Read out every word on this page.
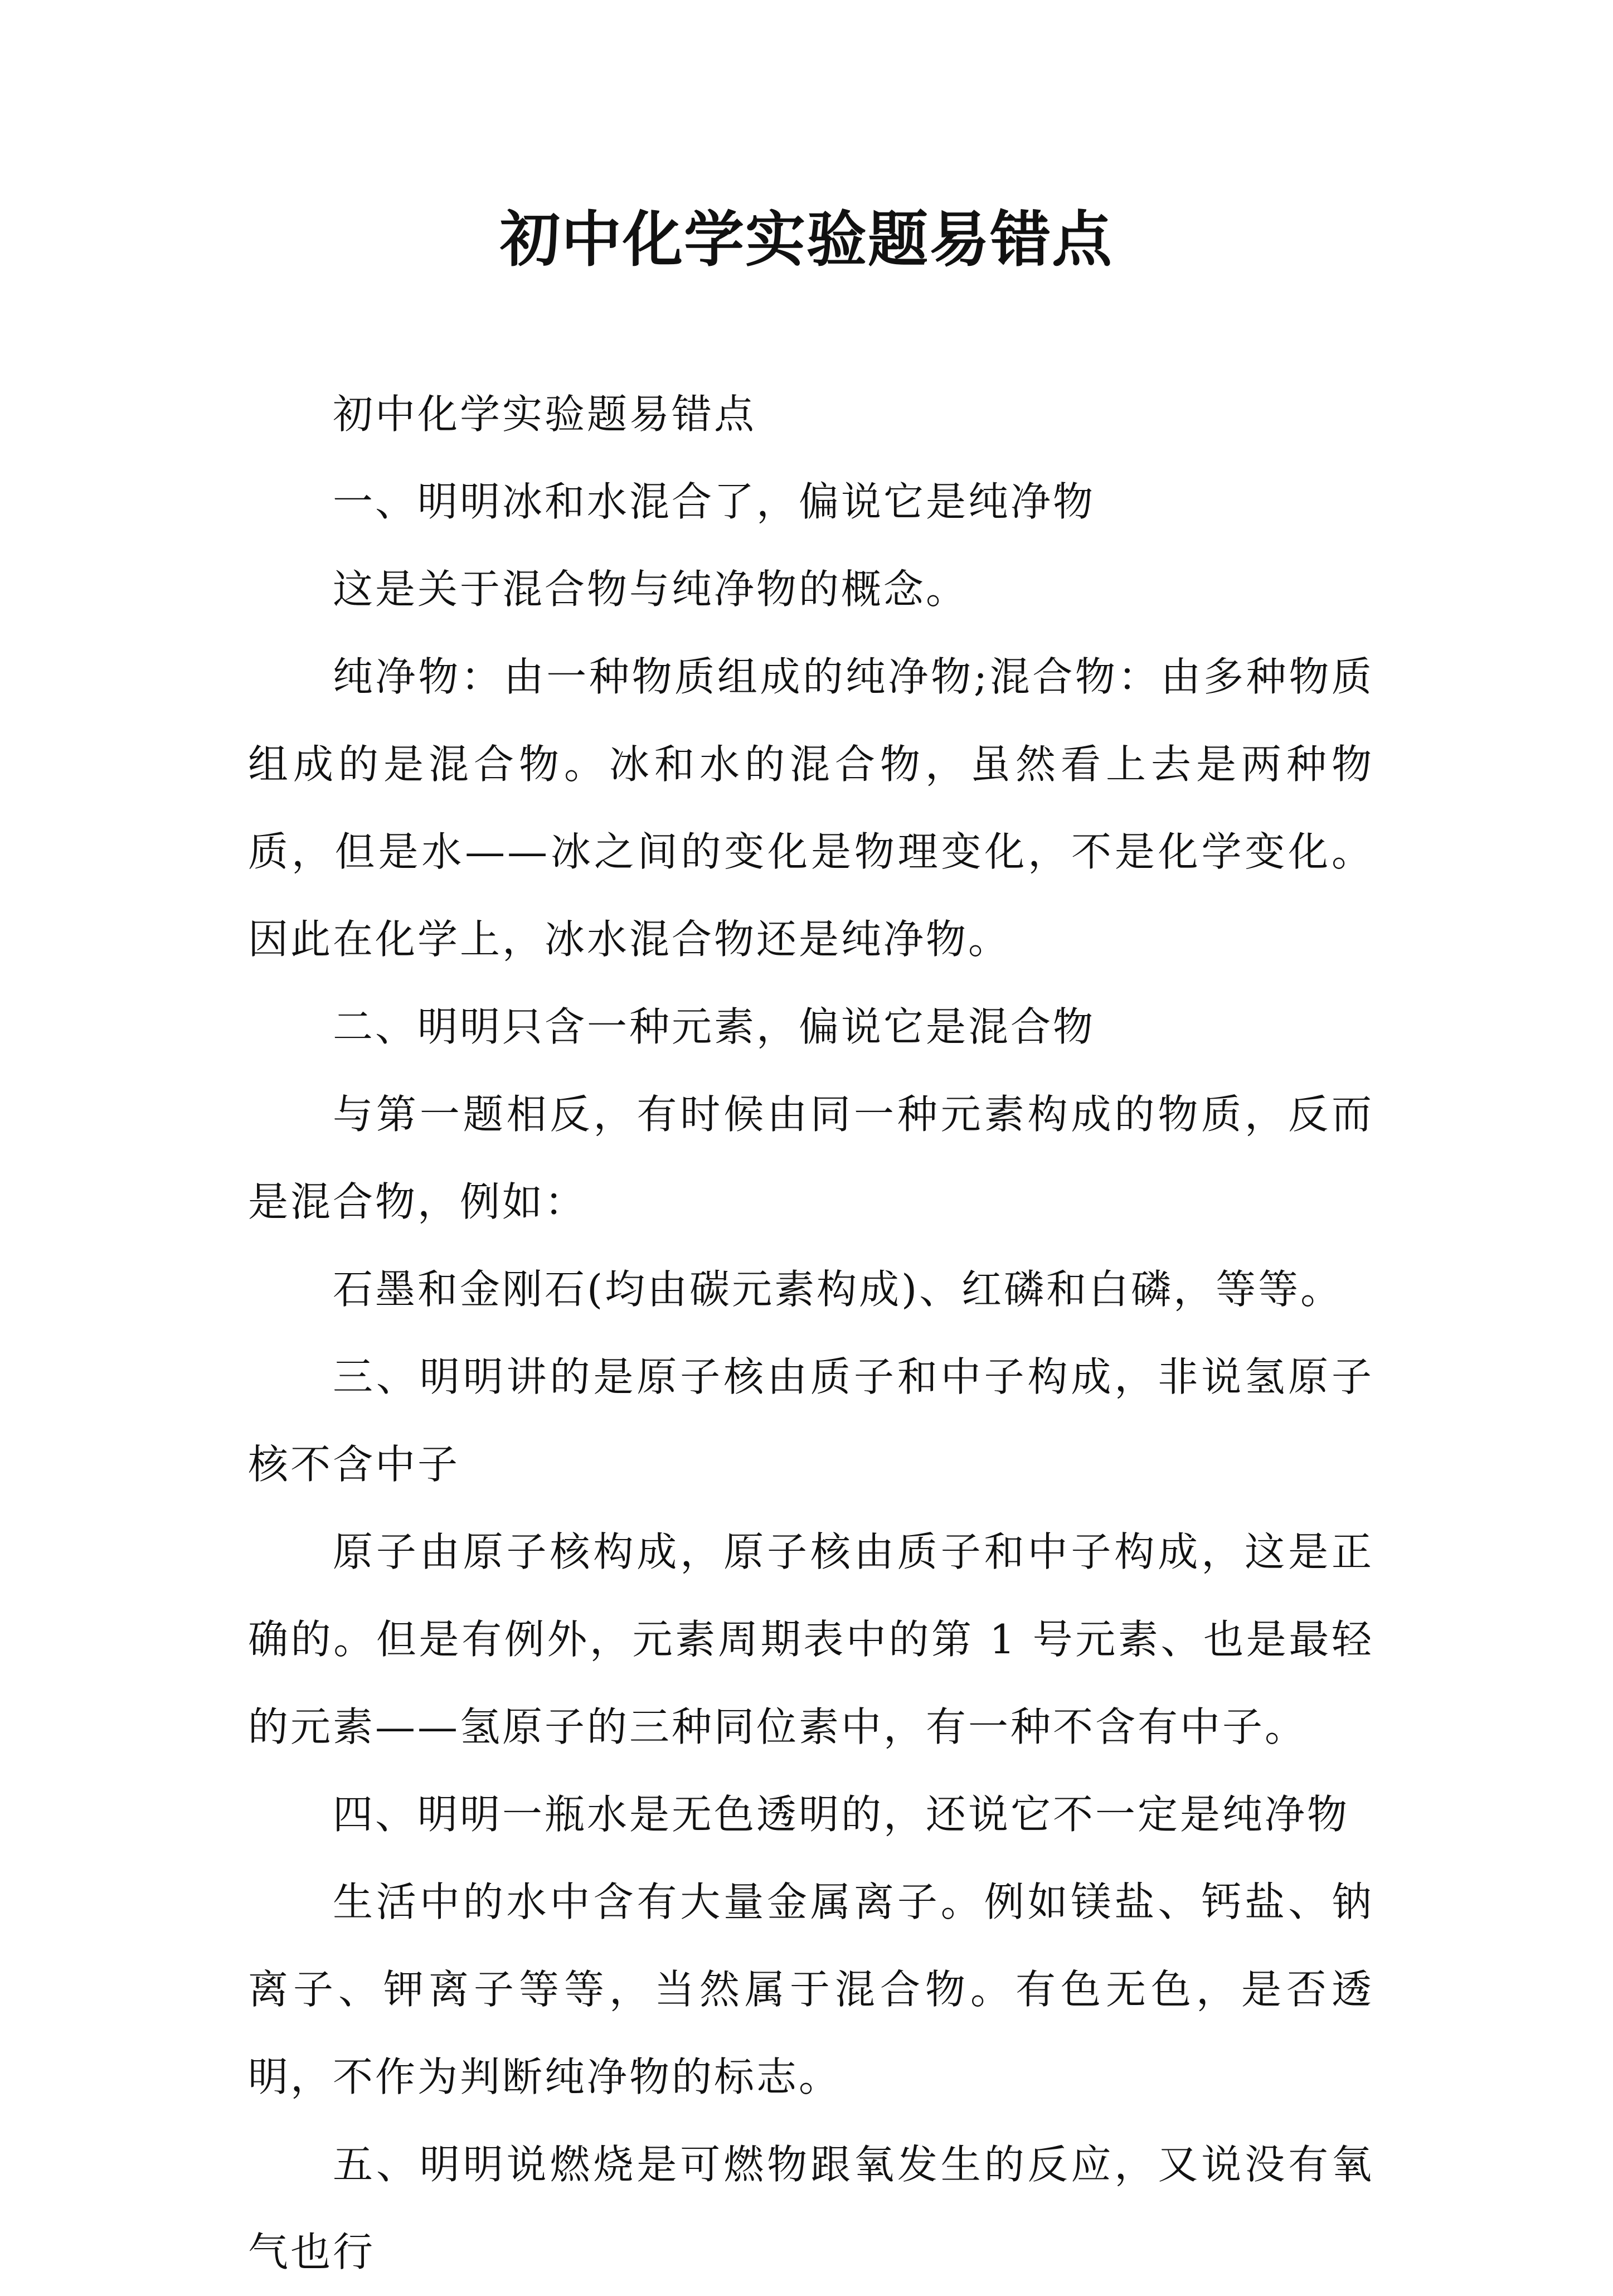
初中化学实验题易错点

初中化学实验题易错点

一、明明冰和水混合了，偏说它是纯净物

这是关于混合物与纯净物的概念。

纯净物：由一种物质组成的纯净物;混合物：由多种物质组成的是混合物。冰和水的混合物，虽然看上去是两种物质，但是水——冰之间的变化是物理变化，不是化学变化。因此在化学上，冰水混合物还是纯净物。

二、明明只含一种元素，偏说它是混合物

与第一题相反，有时候由同一种元素构成的物质，反而是混合物，例如：

石墨和金刚石(均由碳元素构成)、红磷和白磷，等等。

三、明明讲的是原子核由质子和中子构成，非说氢原子核不含中子

原子由原子核构成，原子核由质子和中子构成，这是正确的。但是有例外，元素周期表中的第 1 号元素、也是最轻的元素——氢原子的三种同位素中，有一种不含有中子。

四、明明一瓶水是无色透明的，还说它不一定是纯净物

生活中的水中含有大量金属离子。例如镁盐、钙盐、钠离子、钾离子等等，当然属于混合物。有色无色，是否透明，不作为判断纯净物的标志。

五、明明说燃烧是可燃物跟氧发生的反应，又说没有氧气也行
